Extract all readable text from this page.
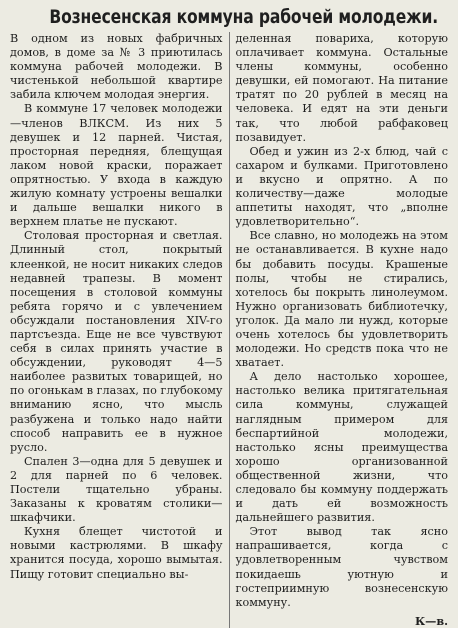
Вознесенская коммуна рабочей молодежи.

В одном из новых фабричных домов, в доме за № 3 приютилась коммуна рабочей молодежи. В чистенькой небольшой квартире забила ключем молодая энергия.

В коммуне 17 человек молодежи—членов ВЛКСМ. Из них 5 девушек и 12 парней. Чистая, просторная передняя, блещущая лаком новой краски, поражает опрятностью. У входа в каждую жилую комнату устроены вешалки и дальше вешалки никого в верхнем платье не пускают.

Столовая просторная и светлая. Длинный стол, покрытый клеенкой, не носит никаких следов недавней трапезы. В момент посещения в столовой коммуны ребята горячо и с увлечением обсуждали постановления XIV-го партсъезда. Еще не все чувствуют себя в силах принять участие в обсуждении, руководят 4—5 наиболее развитых товарищей, но по огонькам в глазах, по глубокому вниманию ясно, что мысль разбужена и только надо найти способ направить ее в нужное русло.

Спален 3—одна для 5 девушек и 2 для парней по 6 человек. Постели тщательно убраны. Заказаны к кроватям столики—шкафчики.

Кухня блещет чистотой и новыми кастрюлями. В шкафу хранится посуда, хорошо вымытая. Пищу готовит специально вы-

деленная повариха, которую оплачивает коммуна. Остальные члены коммуны, особенно девушки, ей помогают. На питание тратят по 20 рублей в месяц на человека. И едят на эти деньги так, что любой рабфаковец позавидует.

Обед и ужин из 2-х блюд, чай с сахаром и булками. Приготовлено и вкусно и опрятно. А по количеству—даже молодые аппетиты находят, что „вполне удовлетворительно“.

Все славно, но молодежь на этом не останавливается. В кухне надо бы добавить посуды. Крашеные полы, чтобы не стирались, хотелось бы покрыть линолеумом. Нужно организовать библиотечку, уголок. Да мало ли нужд, которые очень хотелось бы удовлетворить молодежи. Но средств пока что не хватает.

А дело настолько хорошее, настолько велика притягательная сила коммуны, служащей наглядным примером для беспартийной молодежи, настолько ясны преимущества хорошо организованной общественной жизни, что следовало бы коммуну поддержать и дать ей возможность дальнейшего развития.

Этот вывод так ясно напрашивается, когда с удовлетворенным чувством покидаешь уютную и гостеприимную вознесенскую коммуну.

К—в.
